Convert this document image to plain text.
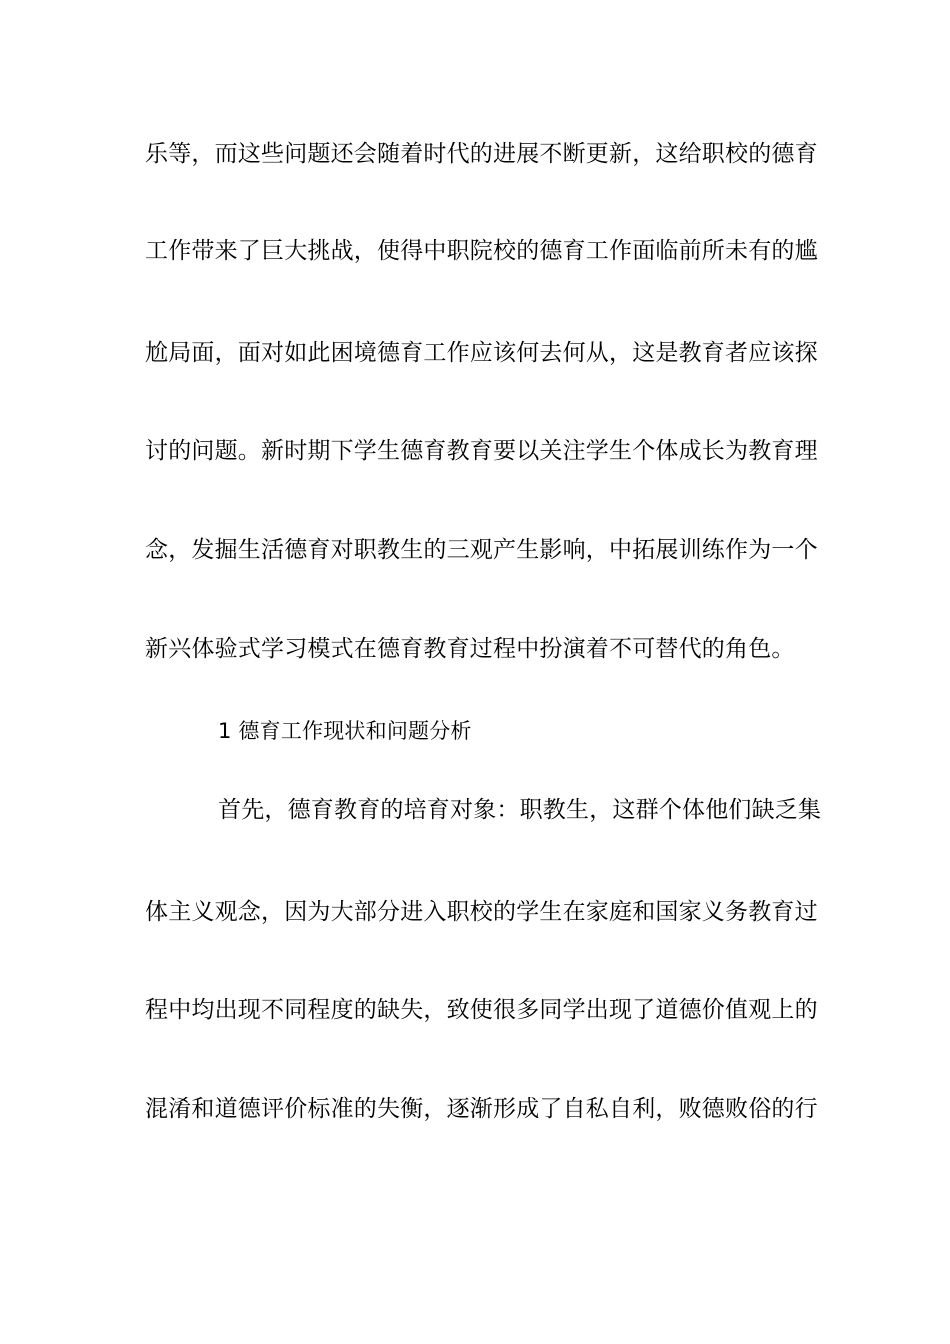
乐等，而这些问题还会随着时代的进展不断更新，这给职校的德育
工作带来了巨大挑战，使得中职院校的德育工作面临前所未有的尴
尬局面，面对如此困境德育工作应该何去何从，这是教育者应该探
讨的问题。新时期下学生德育教育要以关注学生个体成长为教育理
念，发掘生活德育对职教生的三观产生影响，中拓展训练作为一个
新兴体验式学习模式在德育教育过程中扮演着不可替代的角色。
1 德育工作现状和问题分析
首先，德育教育的培育对象：职教生，这群个体他们缺乏集
体主义观念，因为大部分进入职校的学生在家庭和国家义务教育过
程中均出现不同程度的缺失，致使很多同学出现了道德价值观上的
混淆和道德评价标准的失衡，逐渐形成了自私自利，败德败俗的行
